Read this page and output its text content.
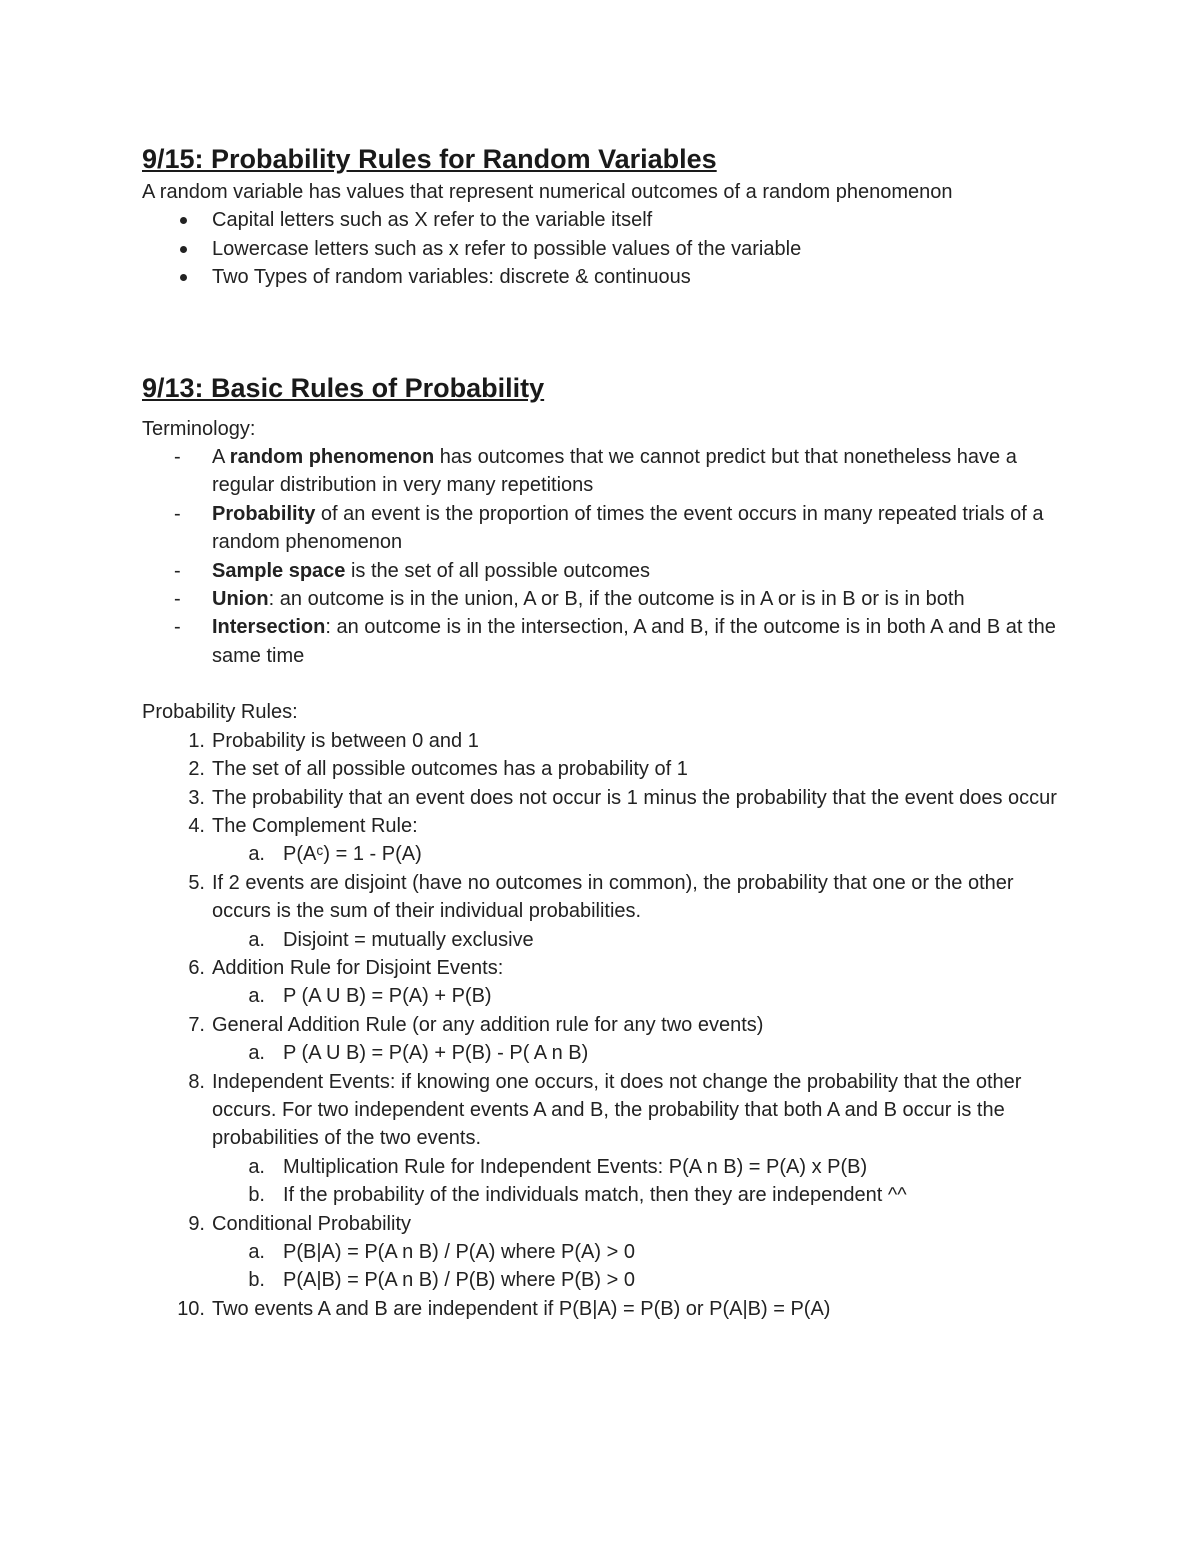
9/15: Probability Rules for Random Variables

A random variable has values that represent numerical outcomes of a random phenomenon

Capital letters such as X refer to the variable itself
Lowercase letters such as x refer to possible values of the variable
Two Types of random variables: discrete & continuous
9/13: Basic Rules of Probability

Terminology:

-	A random phenomenon has outcomes that we cannot predict but that nonetheless have a regular distribution in very many repetitions
-	Probability of an event is the proportion of times the event occurs in many repeated trials of a random phenomenon
-	Sample space is the set of all possible outcomes
-	Union: an outcome is in the union, A or B, if the outcome is in A or is in B or is in both
-	Intersection: an outcome is in the intersection, A and B, if the outcome is in both A and B at the same time

Probability Rules:

1. Probability is between 0 and 1
2. The set of all possible outcomes has a probability of 1
3. The probability that an event does not occur is 1 minus the probability that the event does occur
4. The Complement Rule:
a. P(Aᶜ) = 1 - P(A)
5. If 2 events are disjoint (have no outcomes in common), the probability that one or the other occurs is the sum of their individual probabilities.
a. Disjoint = mutually exclusive
6. Addition Rule for Disjoint Events:
a. P (A U B) = P(A) + P(B)
7. General Addition Rule (or any addition rule for any two events)
a. P (A U B) = P(A) + P(B) - P( A n B)
8. Independent Events: if knowing one occurs, it does not change the probability that the other occurs. For two independent events A and B, the probability that both A and B occur is the probabilities of the two events.
a. Multiplication Rule for Independent Events: P(A n B) = P(A) x P(B)
b. If the probability of the individuals match, then they are independent ^^
9. Conditional Probability
a. P(B|A) = P(A n B) / P(A) where P(A) > 0
b. P(A|B) = P(A n B) / P(B) where P(B) > 0
10. Two events A and B are independent if P(B|A) = P(B) or P(A|B) = P(A)
